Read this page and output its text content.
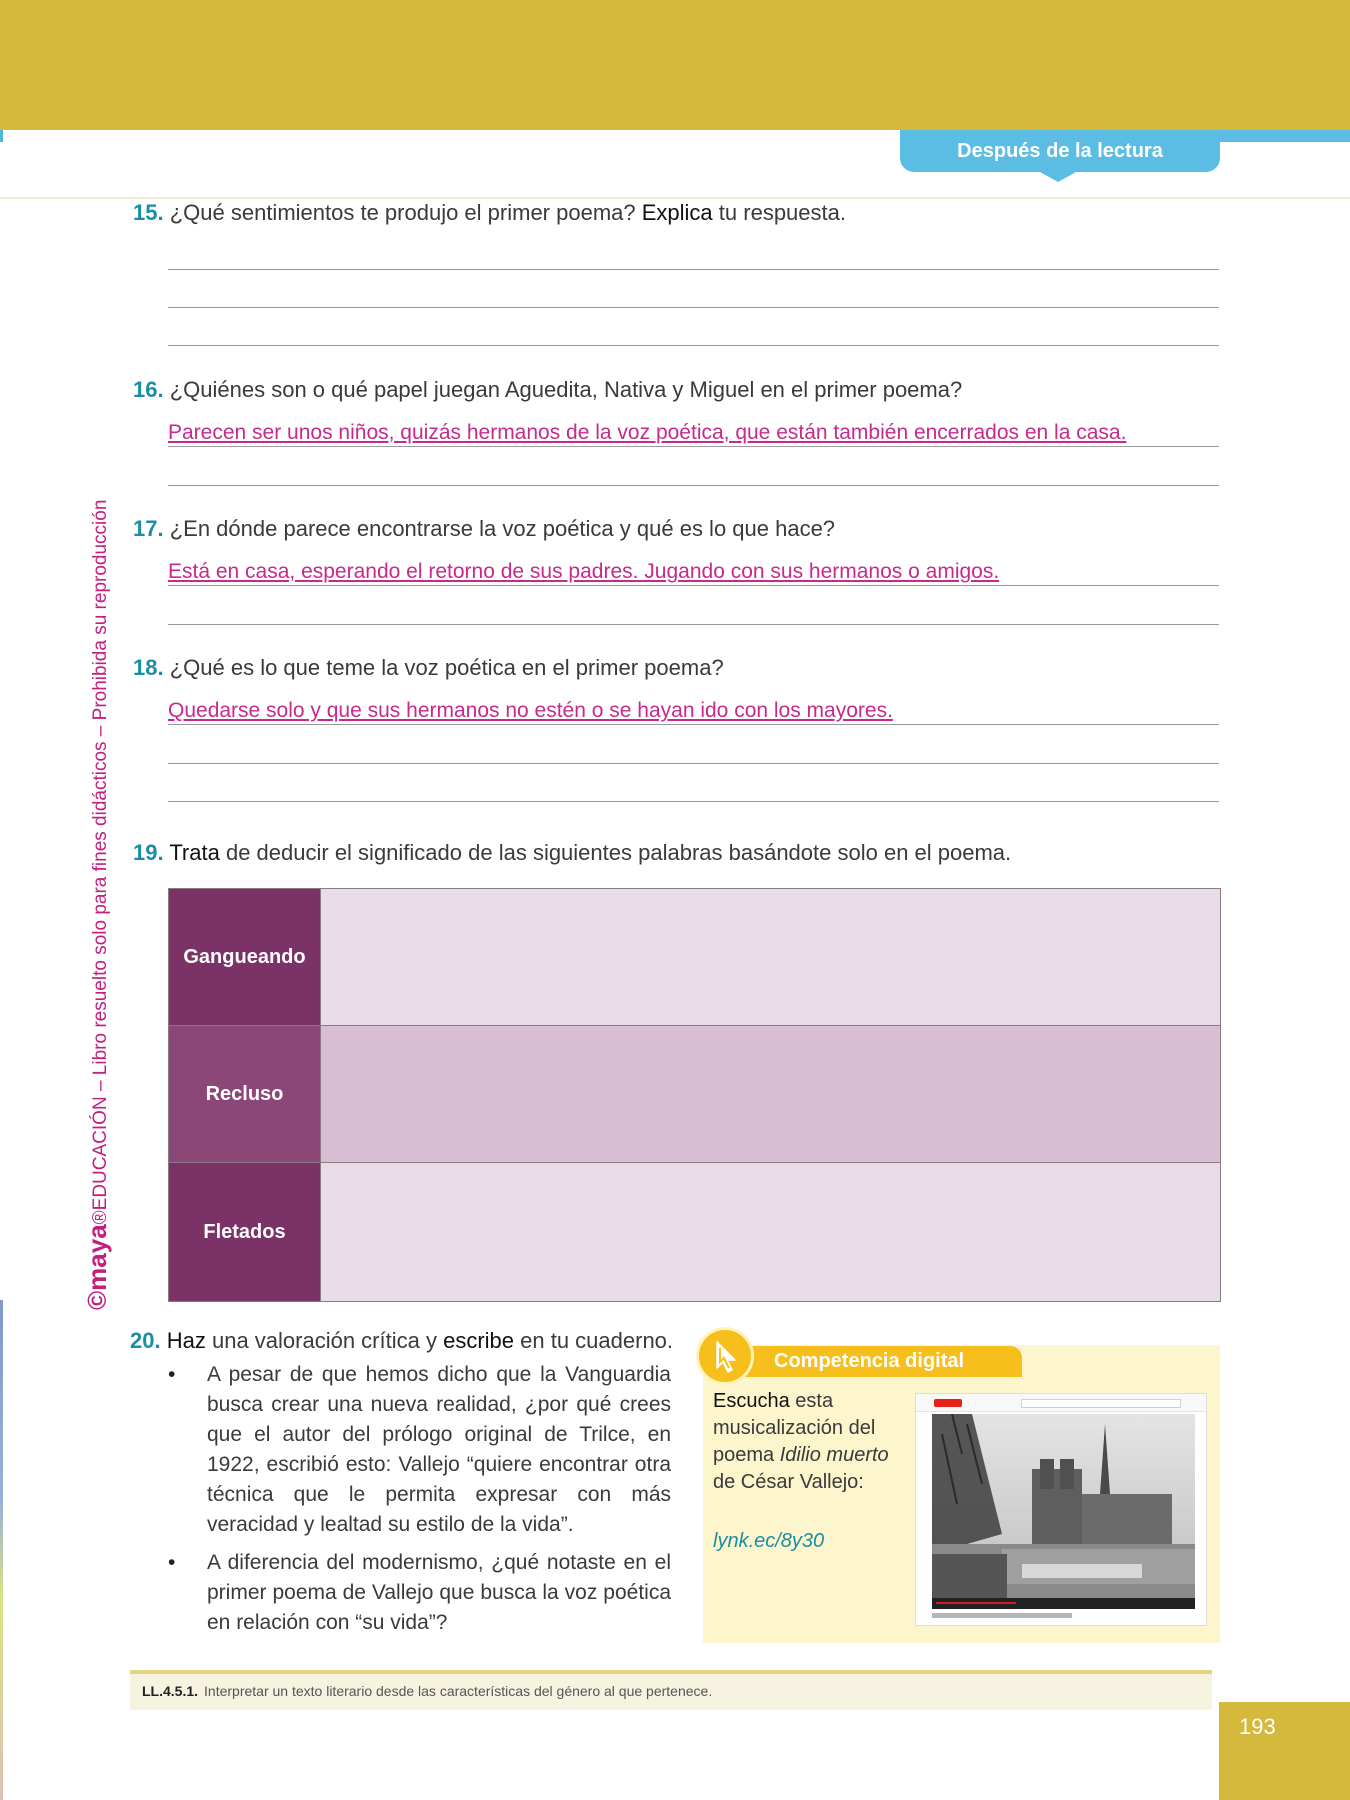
Después de la lectura
©maya®EDUCACIÓN – Libro resuelto solo para fines didácticos – Prohibida su reproducción
15. ¿Qué sentimientos te produjo el primer poema? Explica tu respuesta.
16. ¿Quiénes son o qué papel juegan Aguedita, Nativa y Miguel en el primer poema?
Parecen ser unos niños, quizás hermanos de la voz poética, que están también encerrados en la casa.
17. ¿En dónde parece encontrarse la voz poética y qué es lo que hace?
Está en casa, esperando el retorno de sus padres. Jugando con sus hermanos o amigos.
18. ¿Qué es lo que teme la voz poética en el primer poema?
Quedarse solo y que sus hermanos no estén o se hayan ido con los mayores.
19. Trata de deducir el significado de las siguientes palabras basándote solo en el poema.
Gangueando
Recluso
Fletados
20. Haz una valoración crítica y escribe en tu cuaderno.
• A pesar de que hemos dicho que la Vanguardia busca crear una nueva realidad, ¿por qué crees que el autor del prólogo original de Trilce, en 1922, escribió esto: Vallejo “quiere encontrar otra técnica que le permita expresar con más veracidad y lealtad su estilo de la vida”.
• A diferencia del modernismo, ¿qué notaste en el primer poema de Vallejo que busca la voz poética en relación con “su vida”?
Competencia digital
Escucha esta musicalización del poema Idilio muerto de César Vallejo:
lynk.ec/8y30
LL.4.5.1. Interpretar un texto literario desde las características del género al que pertenece.
193
